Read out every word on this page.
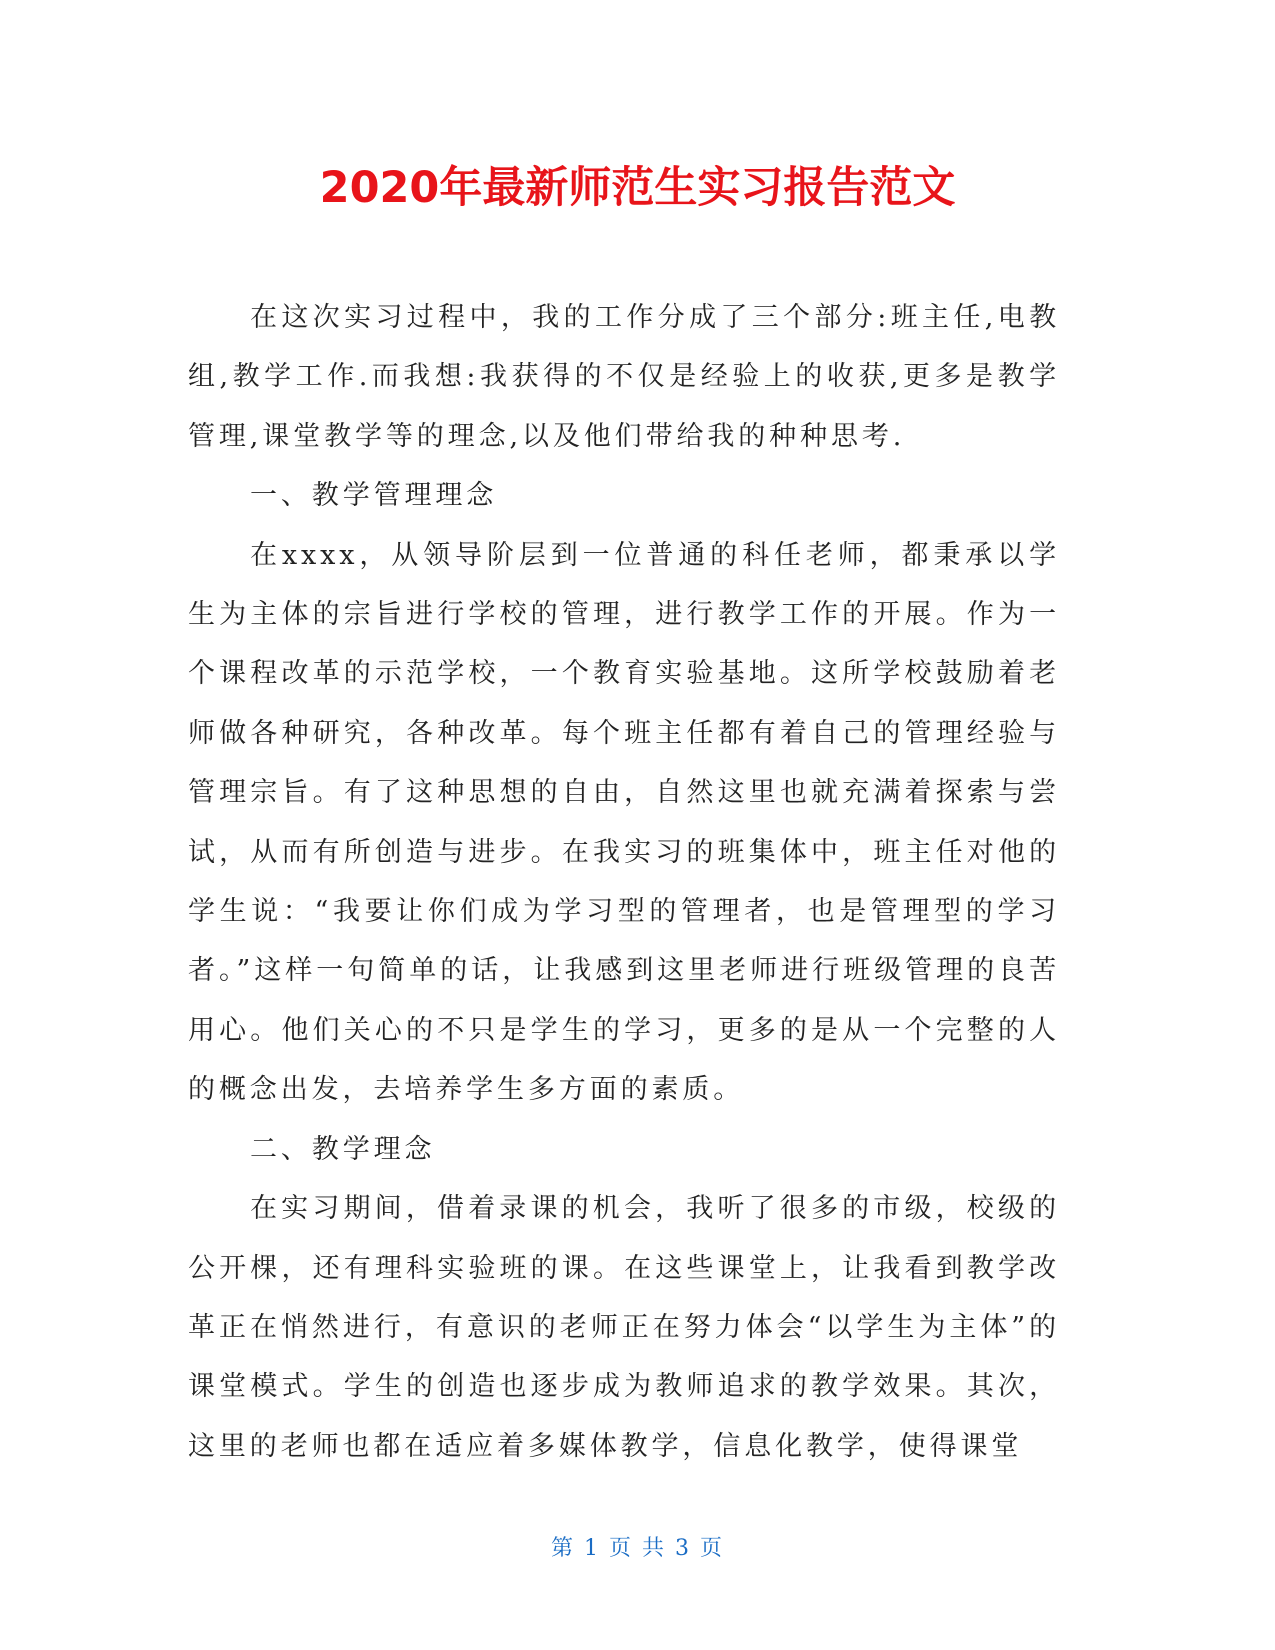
2020年最新师范生实习报告范文

在这次实习过程中，我的工作分成了三个部分:班主任,电教组,教学工作.而我想:我获得的不仅是经验上的收获,更多是教学管理,课堂教学等的理念,以及他们带给我的种种思考.

一、教学管理理念

在xxxx，从领导阶层到一位普通的科任老师，都秉承以学生为主体的宗旨进行学校的管理，进行教学工作的开展。作为一个课程改革的示范学校，一个教育实验基地。这所学校鼓励着老师做各种研究，各种改革。每个班主任都有着自己的管理经验与管理宗旨。有了这种思想的自由，自然这里也就充满着探索与尝试，从而有所创造与进步。在我实习的班集体中，班主任对他的学生说：“我要让你们成为学习型的管理者，也是管理型的学习者。”这样一句简单的话，让我感到这里老师进行班级管理的良苦用心。他们关心的不只是学生的学习，更多的是从一个完整的人的概念出发，去培养学生多方面的素质。

二、教学理念

在实习期间，借着录课的机会，我听了很多的市级，校级的公开棵，还有理科实验班的课。在这些课堂上，让我看到教学改革正在悄然进行，有意识的老师正在努力体会“以学生为主体”的课堂模式。学生的创造也逐步成为教师追求的教学效果。其次，这里的老师也都在适应着多媒体教学，信息化教学，使得课堂

第 1 页 共 3 页
